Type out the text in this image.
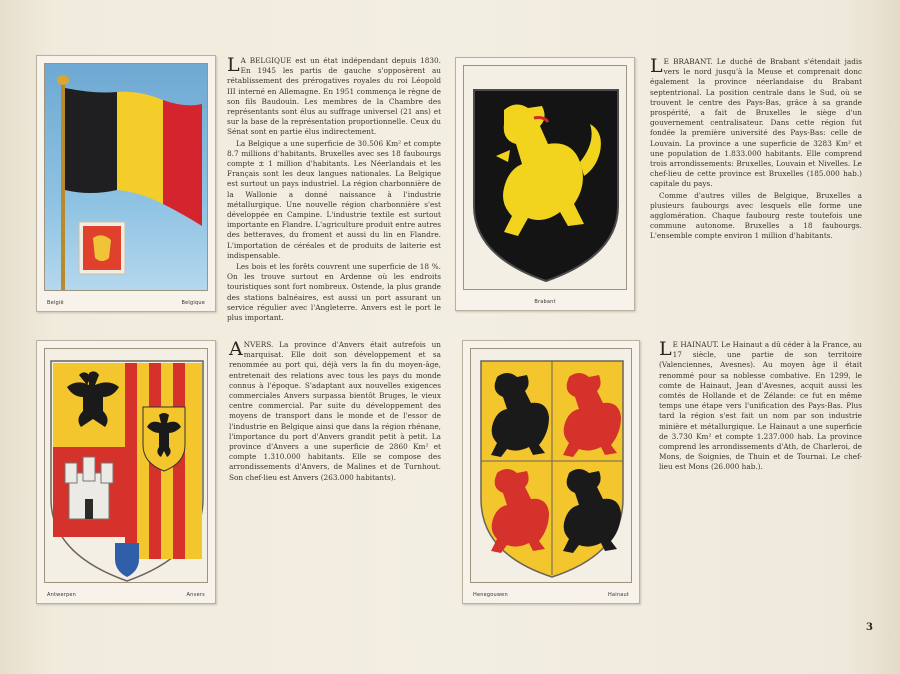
België	Belgique

L A BELGIQUE est un état indépendant depuis 1830. En 1945 les partis de gauche s'opposèrent au rétablissement des prérogatives royales du roi Léopold III interné en Allemagne. En 1951 commença le règne de son fils Baudouin. Les membres de la Chambre des représentants sont élus au suffrage universel (21 ans) et sur la base de la représentation proportionnelle. Ceux du Sénat sont en partie élus indirectement.

La Belgique a une superficie de 30.506 Km² et compte 8.7 millions d'habitants. Bruxelles avec ses 18 faubourgs compte ± 1 million d'habitants. Les Néerlandais et les Français sont les deux langues nationales. La Belgique est surtout un pays industriel. La région charbonnière de la Wallonie a donné naissance à l'industrie métallurgique. Une nouvelle région charbonnière s'est développée en Campine. L'industrie textile est surtout importante en Flandre. L'agriculture produit entre autres des betteraves, du froment et aussi du lin en Flandre. L'importation de céréales et de produits de laiterie est indispensable.

Les bois et les forêts couvrent une superficie de 18 %. On les trouve surtout en Ardenne où les endroits touristiques sont fort nombreux. Ostende, la plus grande des stations balnéaires, est aussi un port assurant un service régulier avec l'Angleterre. Anvers est le port le plus important.

Brabant

L E BRABANT. Le duché de Brabant s'étendait jadis vers le nord jusqu'à la Meuse et comprenait donc également la province néerlandaise du Brabant septentrional. La position centrale dans le Sud, où se trouvent le centre des Pays-Bas, grâce à sa grande prospérité, a fait de Bruxelles le siège d'un gouvernement centralisateur. Dans cette région fut fondée la première université des Pays-Bas: celle de Louvain. La province a une superficie de 3283 Km² et une population de 1.833.000 habitants. Elle comprend trois arrondissements: Bruxelles, Louvain et Nivelles. Le chef-lieu de cette province est Bruxelles (185.000 hab.) capitale du pays.

Comme d'autres villes de Belgique, Bruxelles a plusieurs faubourgs avec lesquels elle forme une agglomération. Chaque faubourg reste toutefois une commune autonome. Bruxelles a 18 faubourgs. L'ensemble compte environ 1 million d'habitants.

Antwerpen	Anvers

ANVERS. La province d'Anvers était autrefois un marquisat. Elle doit son développement et sa renommée au port qui, déjà vers la fin du moyen-âge, entretenait des relations avec tous les pays du monde connus à l'époque. S'adaptant aux nouvelles exigences commerciales Anvers surpassa bientôt Bruges, le vieux centre commercial. Par suite du développement des moyens de transport dans le monde et de l'essor de l'industrie en Belgique ainsi que dans la région rhénane, l'importance du port d'Anvers grandit petit à petit. La province d'Anvers a une superficie de 2860 Km² et compte 1.310.000 habitants. Elle se compose des arrondissements d'Anvers, de Malines et de Turnhout. Son chef-lieu est Anvers (263.000 habitants).

Henegouwen	Hainaut

L E HAINAUT. Le Hainaut a dû céder à la France, au 17 siècle, une partie de son territoire (Valenciennes, Avesnes). Au moyen âge il était renommé pour sa noblesse combative. En 1299, le comte de Hainaut, Jean d'Avesnes, acquit aussi les comtés de Hollande et de Zélande: ce fut en même temps une étape vers l'unification des Pays-Bas. Plus tard la région s'est fait un nom par son industrie minière et métallurgique. Le Hainaut a une superficie de 3.730 Km² et compte 1.237.000 hab. La province comprend les arrondissements d'Ath, de Charleroi, de Mons, de Soignies, de Thuin et de Tournai. Le chef-lieu est Mons (26.000 hab.).

3
